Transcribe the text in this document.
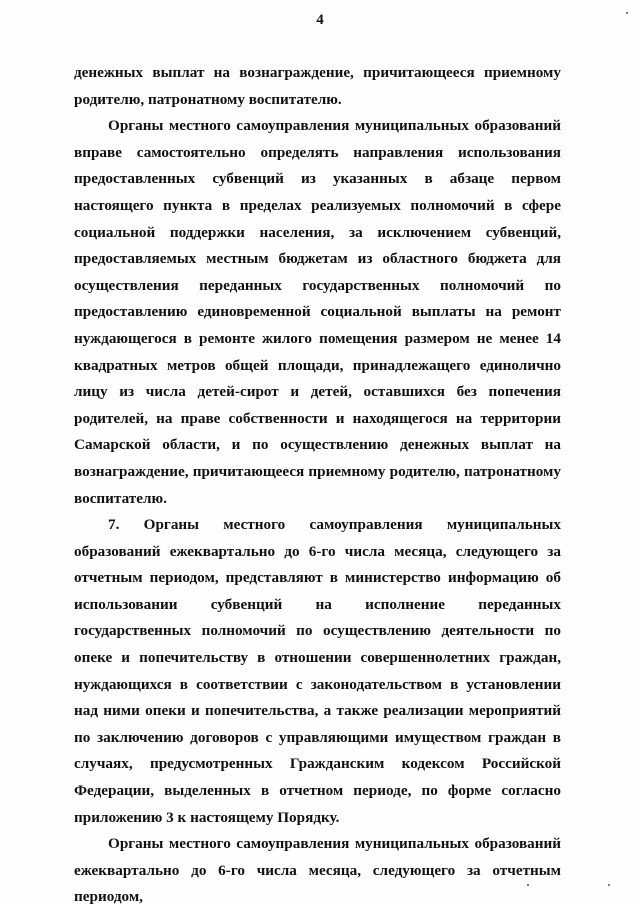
4

денежных выплат на вознаграждение, причитающееся приемному родителю, патронатному воспитателю.

Органы местного самоуправления муниципальных образований вправе самостоятельно определять направления использования предоставленных субвенций из указанных в абзаце первом настоящего пункта в пределах реализуемых полномочий в сфере социальной поддержки населения, за исключением субвенций, предоставляемых местным бюджетам из областного бюджета для осуществления переданных государственных полномочий по предоставлению единовременной социальной выплаты на ремонт нуждающегося в ремонте жилого помещения размером не менее 14 квадратных метров общей площади, принадлежащего единолично лицу из числа детей-сирот и детей, оставшихся без попечения родителей, на праве собственности и находящегося на территории Самарской области, и по осуществлению денежных выплат на вознаграждение, причитающееся приемному родителю, патронатному воспитателю.

7. Органы местного самоуправления муниципальных образований ежеквартально до 6-го числа месяца, следующего за отчетным периодом, представляют в министерство информацию об использовании субвенций на исполнение переданных государственных полномочий по осуществлению деятельности по опеке и попечительству в отношении совершеннолетних граждан, нуждающихся в соответствии с законодательством в установлении над ними опеки и попечительства, а также реализации мероприятий по заключению договоров с управляющими имуществом граждан в случаях, предусмотренных Гражданским кодексом Российской Федерации, выделенных в отчетном периоде, по форме согласно приложению 3 к настоящему Порядку.

Органы местного самоуправления муниципальных образований ежеквартально до 6-го числа месяца, следующего за отчетным периодом,
